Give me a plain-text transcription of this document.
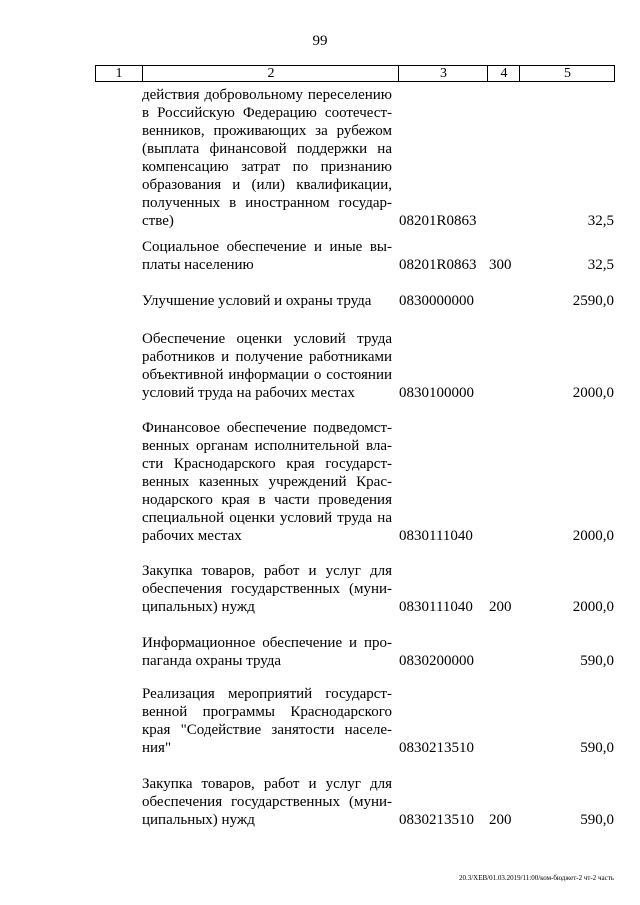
99
1	2	3	4	5
действия добровольному переселению
в Российскую Федерацию соотечест-
венников, проживающих за рубежом
(выплата финансовой поддержки на
компенсацию затрат по признанию
образования и (или) квалификации,
полученных в иностранном государ-
стве)	08201R0863	32,5
Социальное обеспечение и иные вы-
платы населению	08201R0863 300	32,5
Улучшение условий и охраны труда	0830000000	2590,0
Обеспечение оценки условий труда
работников и получение работниками
объективной информации о состоянии
условий труда на рабочих местах	0830100000	2000,0
Финансовое обеспечение подведомст-
венных органам исполнительной вла-
сти Краснодарского края государст-
венных казенных учреждений Крас-
нодарского края в части проведения
специальной оценки условий труда на
рабочих местах	0830111040	2000,0
Закупка товаров, работ и услуг для
обеспечения государственных (муни-
ципальных) нужд	0830111040 200	2000,0
Информационное обеспечение и про-
паганда охраны труда	0830200000	590,0
Реализация мероприятий государст-
венной программы Краснодарского
края "Содействие занятости населе-
ния"	0830213510	590,0
Закупка товаров, работ и услуг для
обеспечения государственных (муни-
ципальных) нужд	0830213510 200	590,0
20.3/ХЕВ/01.03.2019/11:00/ком-бюджет-2 чт-2 часть
